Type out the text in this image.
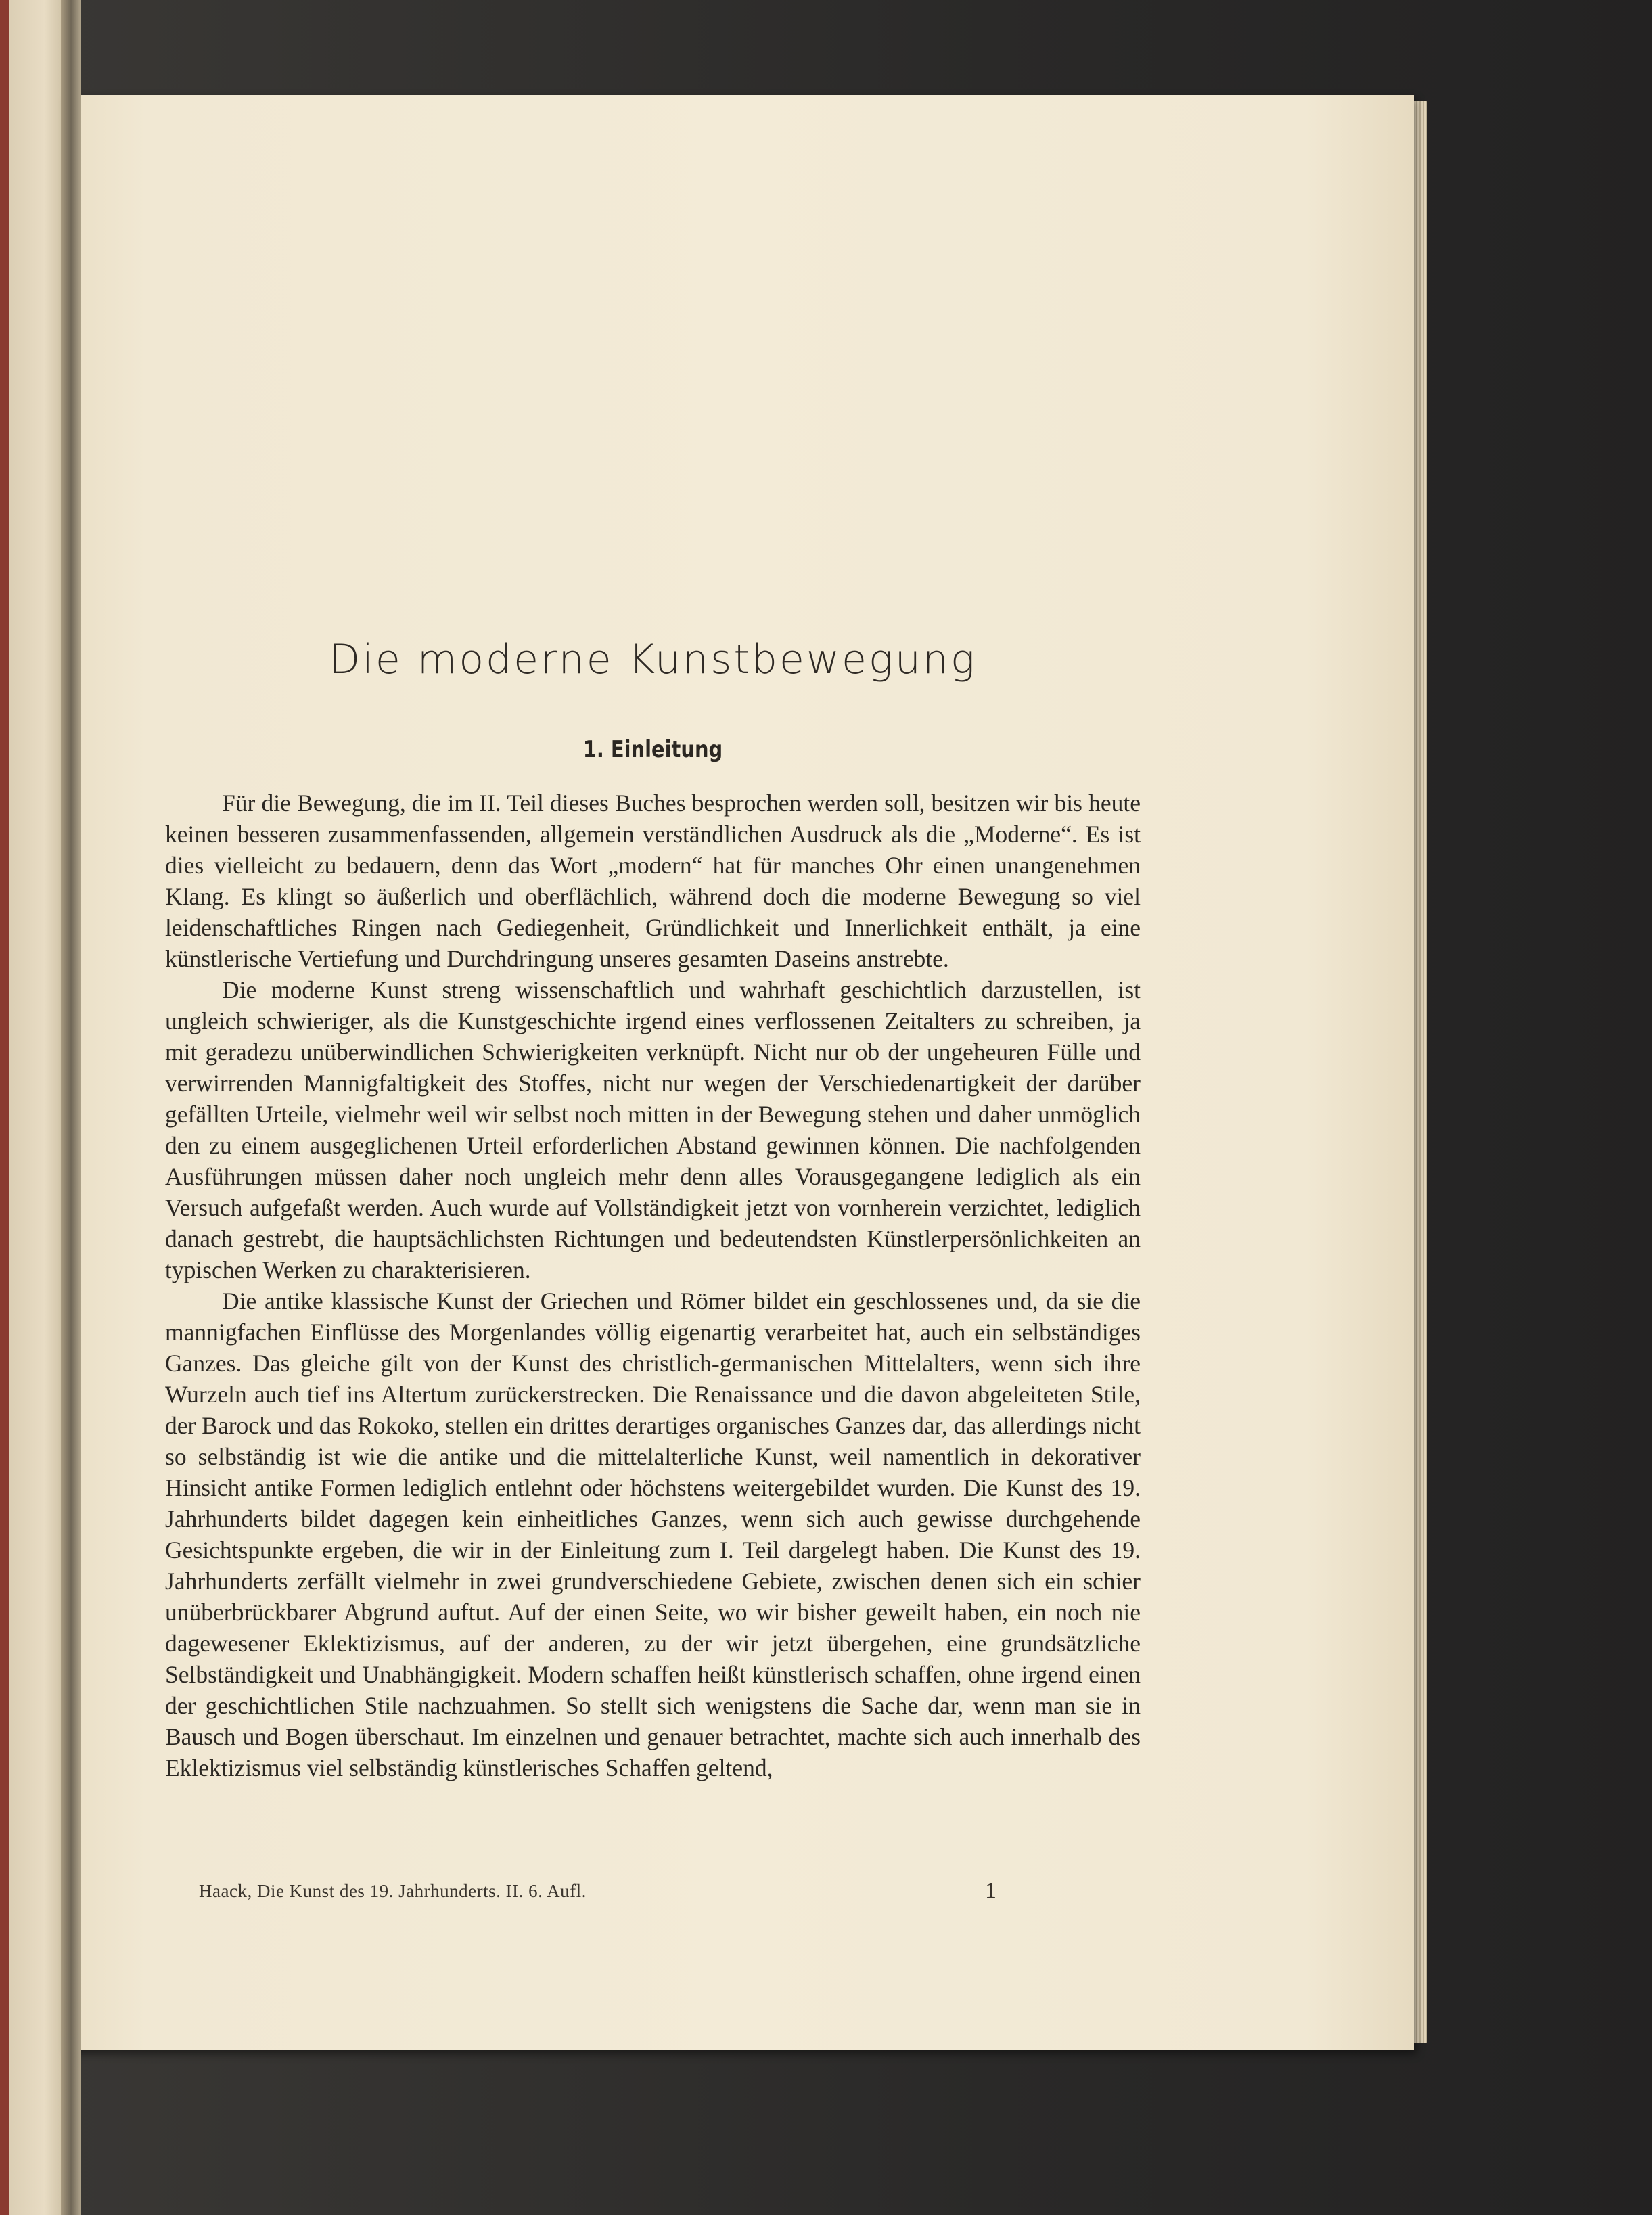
Die moderne Kunstbewegung
1. Einleitung

Für die Bewegung, die im II. Teil dieses Buches besprochen werden soll, besitzen wir bis heute keinen besseren zusammenfassenden, allgemein verständlichen Ausdruck als die „Moderne“. Es ist dies vielleicht zu bedauern, denn das Wort „modern“ hat für manches Ohr einen unangenehmen Klang. Es klingt so äußerlich und oberflächlich, während doch die moderne Bewegung so viel leidenschaftliches Ringen nach Gediegenheit, Gründlichkeit und Innerlichkeit enthält, ja eine künstlerische Vertiefung und Durchdringung unseres gesamten Daseins anstrebte.

Die moderne Kunst streng wissenschaftlich und wahrhaft geschichtlich darzustellen, ist ungleich schwieriger, als die Kunstgeschichte irgend eines verflossenen Zeitalters zu schreiben, ja mit geradezu unüberwindlichen Schwierigkeiten verknüpft. Nicht nur ob der ungeheuren Fülle und verwirrenden Mannigfaltigkeit des Stoffes, nicht nur wegen der Verschiedenartigkeit der darüber gefällten Urteile, vielmehr weil wir selbst noch mitten in der Bewegung stehen und daher unmöglich den zu einem ausgeglichenen Urteil erforderlichen Abstand gewinnen können. Die nachfolgenden Ausführungen müssen daher noch ungleich mehr denn alles Vorausgegangene lediglich als ein Versuch aufgefaßt werden. Auch wurde auf Vollständigkeit jetzt von vornherein verzichtet, lediglich danach gestrebt, die hauptsächlichsten Richtungen und bedeutendsten Künstlerpersönlichkeiten an typischen Werken zu charakterisieren.

Die antike klassische Kunst der Griechen und Römer bildet ein geschlossenes und, da sie die mannigfachen Einflüsse des Morgenlandes völlig eigenartig verarbeitet hat, auch ein selbständiges Ganzes. Das gleiche gilt von der Kunst des christlich-germanischen Mittelalters, wenn sich ihre Wurzeln auch tief ins Altertum zurückerstrecken. Die Renaissance und die davon abgeleiteten Stile, der Barock und das Rokoko, stellen ein drittes derartiges organisches Ganzes dar, das allerdings nicht so selbständig ist wie die antike und die mittelalterliche Kunst, weil namentlich in dekorativer Hinsicht antike Formen lediglich entlehnt oder höchstens weitergebildet wurden. Die Kunst des 19. Jahrhunderts bildet dagegen kein einheitliches Ganzes, wenn sich auch gewisse durchgehende Gesichtspunkte ergeben, die wir in der Einleitung zum I. Teil dargelegt haben. Die Kunst des 19. Jahrhunderts zerfällt vielmehr in zwei grundverschiedene Gebiete, zwischen denen sich ein schier unüberbrückbarer Abgrund auftut. Auf der einen Seite, wo wir bisher geweilt haben, ein noch nie dagewesener Eklektizismus, auf der anderen, zu der wir jetzt übergehen, eine grundsätzliche Selbständigkeit und Unabhängigkeit. Modern schaffen heißt künstlerisch schaffen, ohne irgend einen der geschichtlichen Stile nachzuahmen. So stellt sich wenigstens die Sache dar, wenn man sie in Bausch und Bogen überschaut. Im einzelnen und genauer betrachtet, machte sich auch innerhalb des Eklektizismus viel selbständig künstlerisches Schaffen geltend,

Haack, Die Kunst des 19. Jahrhunderts. II. 6. Aufl.	1
